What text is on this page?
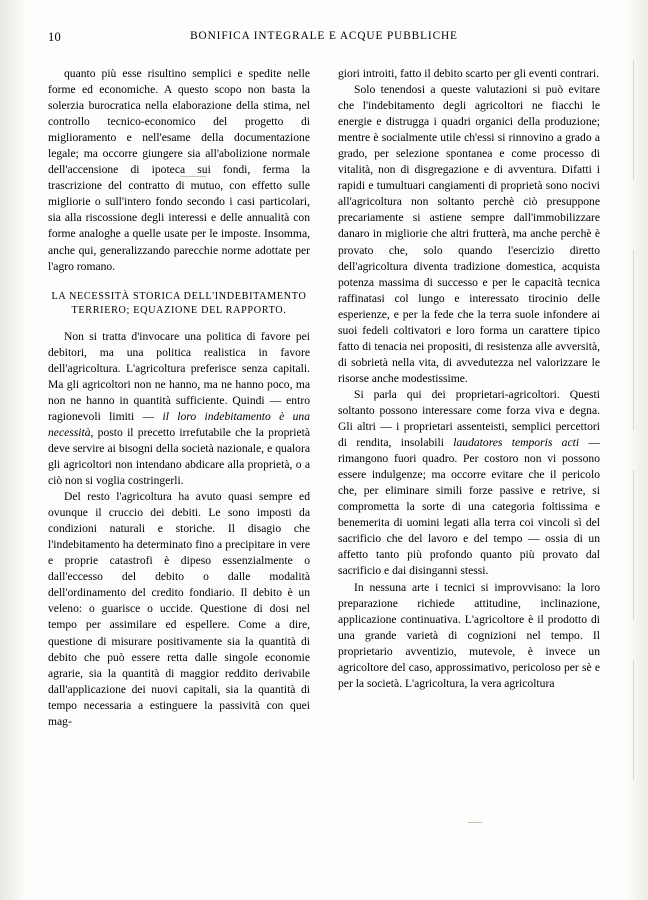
10	BONIFICA INTEGRALE E ACQUE PUBBLICHE

quanto più esse risultino semplici e spedite nelle forme ed economiche. A questo scopo non basta la solerzia burocratica nella elaborazione della stima, nel controllo tecnico-economico del progetto di miglioramento e nell'esame della documentazione legale; ma occorre giungere sia all'abolizione normale dell'accensione di ipoteca sui fondi, ferma la trascrizione del contratto di mutuo, con effetto sulle migliorie o sull'intero fondo secondo i casi particolari, sia alla riscossione degli interessi e delle annualità con forme analoghe a quelle usate per le imposte. Insomma, anche qui, generalizzando parecchie norme adottate per l'agro romano.

LA NECESSITÀ STORICA DELL'INDEBITAMENTO
TERRIERO; EQUAZIONE DEL RAPPORTO.

Non si tratta d'invocare una politica di favore pei debitori, ma una politica realistica in favore dell'agricoltura. L'agricoltura preferisce senza capitali. Ma gli agricoltori non ne hanno, ma ne hanno poco, ma non ne hanno in quantità sufficiente. Quindi — entro ragionevoli limiti — il loro indebitamento è una necessità, posto il precetto irrefutabile che la proprietà deve servire ai bisogni della società nazionale, e qualora gli agricoltori non intendano abdicare alla proprietà, o a ciò non si voglia costringerli.

Del resto l'agricoltura ha avuto quasi sempre ed ovunque il cruccio dei debiti. Le sono imposti da condizioni naturali e storiche. Il disagio che l'indebitamento ha determinato fino a precipitare in vere e proprie catastrofi è dipeso essenzialmente o dall'eccesso del debito o dalle modalità dell'ordinamento del credito fondiario. Il debito è un veleno: o guarisce o uccide. Questione di dosi nel tempo per assimilare ed espellere. Come a dire, questione di misurare positivamente sia la quantità di debito che può essere retta dalle singole economie agrarie, sia la quantità di maggior reddito derivabile dall'applicazione dei nuovi capitali, sia la quantità di tempo necessaria a estinguere la passività con quei mag-

giori introiti, fatto il debito scarto per gli eventi contrari.

Solo tenendosi a queste valutazioni si può evitare che l'indebitamento degli agricoltori ne fiacchi le energie e distrugga i quadri organici della produzione; mentre è socialmente utile ch'essi si rinnovino a grado a grado, per selezione spontanea e come processo di vitalità, non di disgregazione e di avventura. Difatti i rapidi e tumultuari cangiamenti di proprietà sono nocivi all'agricoltura non soltanto perchè ciò presuppone precariamente si astiene sempre dall'immobilizzare danaro in migliorie che altri frutterà, ma anche perchè è provato che, solo quando l'esercizio diretto dell'agricoltura diventa tradizione domestica, acquista potenza massima di successo e per le capacità tecnica raffinatasi col lungo e interessato tirocinio delle esperienze, e per la fede che la terra suole infondere ai suoi fedeli coltivatori e loro forma un carattere tipico fatto di tenacia nei propositi, di resistenza alle avversità, di sobrietà nella vita, di avvedutezza nel valorizzare le risorse anche modestissime.

Si parla qui dei proprietari-agricoltori. Questi soltanto possono interessare come forza viva e degna. Gli altri — i proprietari assenteisti, semplici percettori di rendita, insolabili laudatores temporis acti — rimangono fuori quadro. Per costoro non vi possono essere indulgenze; ma occorre evitare che il pericolo che, per eliminare simili forze passive e retrive, si comprometta la sorte di una categoria foltissima e benemerita di uomini legati alla terra coi vincoli sì del sacrificio che del lavoro e del tempo — ossia di un affetto tanto più profondo quanto più provato dal sacrificio e dai disinganni stessi.

In nessuna arte i tecnici si improvvisano: la loro preparazione richiede attitudine, inclinazione, applicazione continuativa. L'agricoltore è il prodotto di una grande varietà di cognizioni nel tempo. Il proprietario avventizio, mutevole, è invece un agricoltore del caso, approssimativo, pericoloso per sè e per la società. L'agricoltura, la vera agricoltura
